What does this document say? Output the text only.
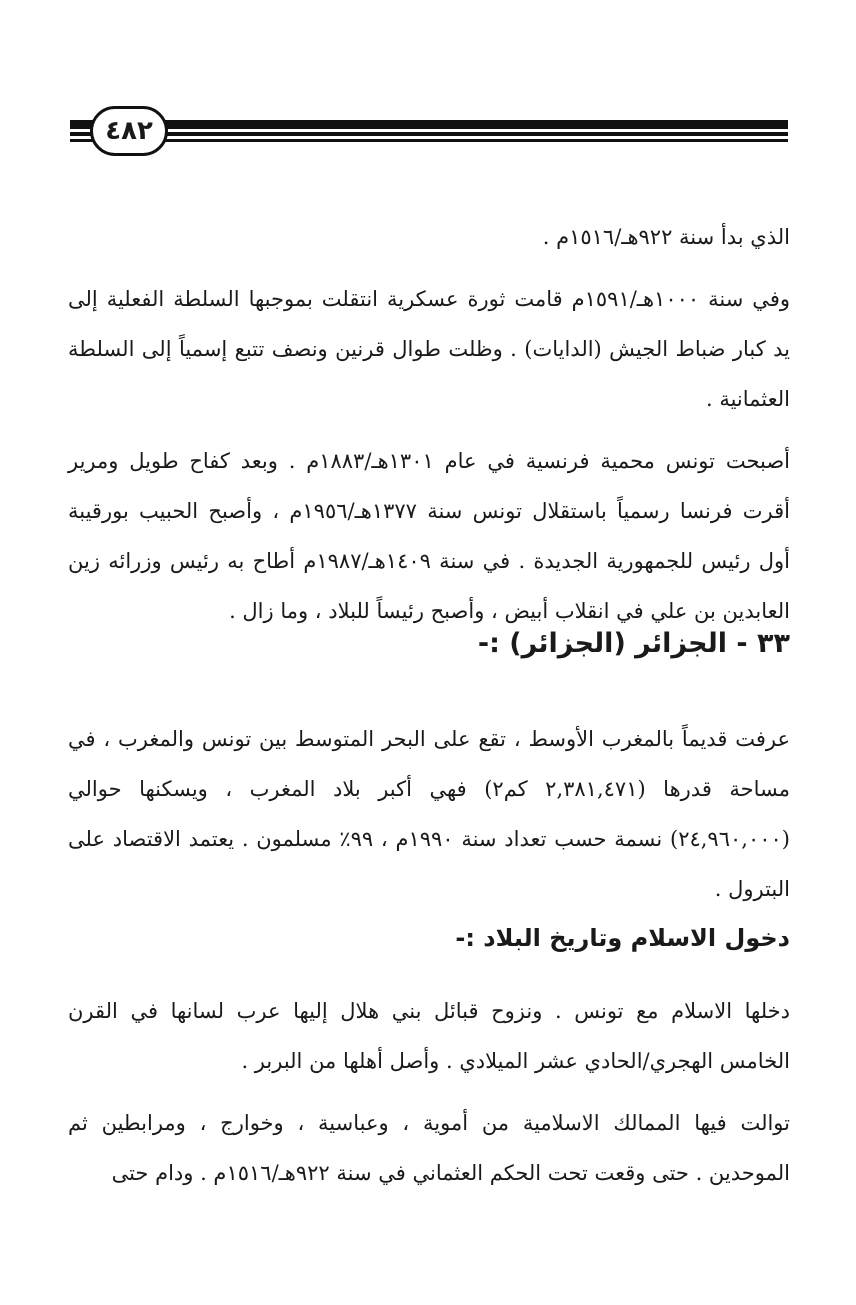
٤٨٢

الذي بدأ سنة ٩٢٢هـ/١٥١٦م .

وفي سنة ١٠٠٠هـ/١٥٩١م قامت ثورة عسكرية انتقلت بموجبها السلطة الفعلية إلى يد كبار ضباط الجيش (الدايات) . وظلت طوال قرنين ونصف تتبع إسمياً إلى السلطة العثمانية .

أصبحت تونس محمية فرنسية في عام ١٣٠١هـ/١٨٨٣م . وبعد كفاح طويل ومرير أقرت فرنسا رسمياً باستقلال تونس سنة ١٣٧٧هـ/١٩٥٦م ، وأصبح الحبيب بورقيبة أول رئيس للجمهورية الجديدة . في سنة ١٤٠٩هـ/١٩٨٧م أطاح به رئيس وزرائه زين العابدين بن علي في انقلاب أبيض ، وأصبح رئيساً للبلاد ، وما زال .

٣٣ - الجزائر (الجزائر) :-

عرفت قديماً بالمغرب الأوسط ، تقع على البحر المتوسط بين تونس والمغرب ، في مساحة قدرها (٢,٣٨١,٤٧١ كم٢) فهي أكبر بلاد المغرب ، ويسكنها حوالي (٢٤,٩٦٠,٠٠٠) نسمة حسب تعداد سنة ١٩٩٠م ، ٩٩٪ مسلمون . يعتمد الاقتصاد على البترول .

دخول الاسلام وتاريخ البلاد :-

دخلها الاسلام مع تونس . ونزوح قبائل بني هلال إليها عرب لسانها في القرن الخامس الهجري/الحادي عشر الميلادي . وأصل أهلها من البربر .

توالت فيها الممالك الاسلامية من أموية ، وعباسية ، وخوارج ، ومرابطين ثم الموحدين . حتى وقعت تحت الحكم العثماني في سنة ٩٢٢هـ/١٥١٦م . ودام حتى
